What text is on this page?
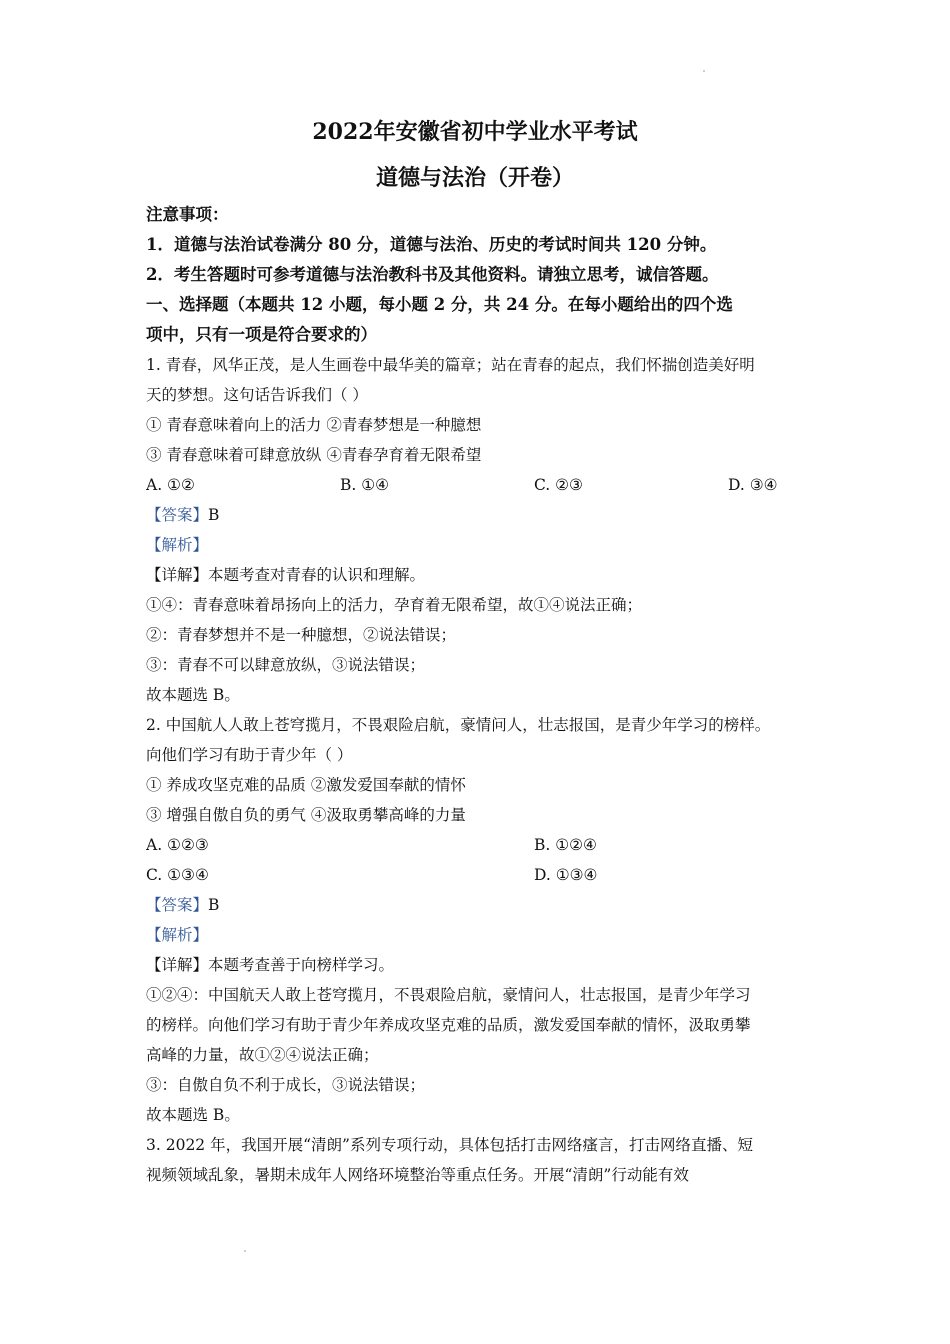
2022年安徽省初中学业水平考试
道德与法治（开卷）
注意事项：
1．道德与法治试卷满分 80 分，道德与法治、历史的考试时间共 120 分钟。
2．考生答题时可参考道德与法治教科书及其他资料。请独立思考，诚信答题。
一、选择题（本题共 12 小题，每小题 2 分，共 24 分。在每小题给出的四个选
项中，只有一项是符合要求的）
1. 青春，风华正茂，是人生画卷中最华美的篇章；站在青春的起点，我们怀揣创造美好明
天的梦想。这句话告诉我们（ ）
① 青春意味着向上的活力 ②青春梦想是一种臆想
③ 青春意味着可肆意放纵 ④青春孕育着无限希望
A. ①②	B. ①④	C. ②③	D. ③④
【答案】B
【解析】
【详解】本题考查对青春的认识和理解。
①④：青春意味着昂扬向上的活力，孕育着无限希望，故①④说法正确；
②：青春梦想并不是一种臆想，②说法错误；
③：青春不可以肆意放纵，③说法错误；
故本题选 B。
2. 中国航人人敢上苍穹揽月，不畏艰险启航，豪情问人，壮志报国，是青少年学习的榜样。
向他们学习有助于青少年（ ）
① 养成攻坚克难的品质 ②激发爱国奉献的情怀
③ 增强自傲自负的勇气 ④汲取勇攀高峰的力量
A. ①②③	B. ①②④
C. ①③④	D. ①③④
【答案】B
【解析】
【详解】本题考查善于向榜样学习。
①②④：中国航天人敢上苍穹揽月，不畏艰险启航，豪情问人，壮志报国，是青少年学习
的榜样。向他们学习有助于青少年养成攻坚克难的品质，激发爱国奉献的情怀，汲取勇攀
高峰的力量，故①②④说法正确；
③：自傲自负不利于成长，③说法错误；
故本题选 B。
3. 2022 年，我国开展“清朗”系列专项行动，具体包括打击网络瘙言，打击网络直播、短
视频领域乱象，暑期未成年人网络环境整治等重点任务。开展“清朗”行动能有效
